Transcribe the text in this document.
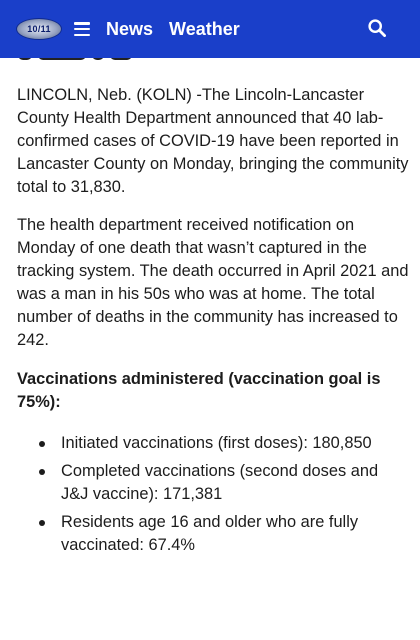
10/11	News Weather

LINCOLN, Neb. (KOLN) -The Lincoln-Lancaster County Health Department announced that 40 lab-confirmed cases of COVID-19 have been reported in Lancaster County on Monday, bringing the community total to 31,830.

The health department received notification on Monday of one death that wasn’t captured in the tracking system. The death occurred in April 2021 and was a man in his 50s who was at home. The total number of deaths in the community has increased to 242.

Vaccinations administered (vaccination goal is 75%):

Initiated vaccinations (first doses): 180,850
Completed vaccinations (second doses and J&J vaccine): 171,381
Residents age 16 and older who are fully vaccinated: 67.4%
